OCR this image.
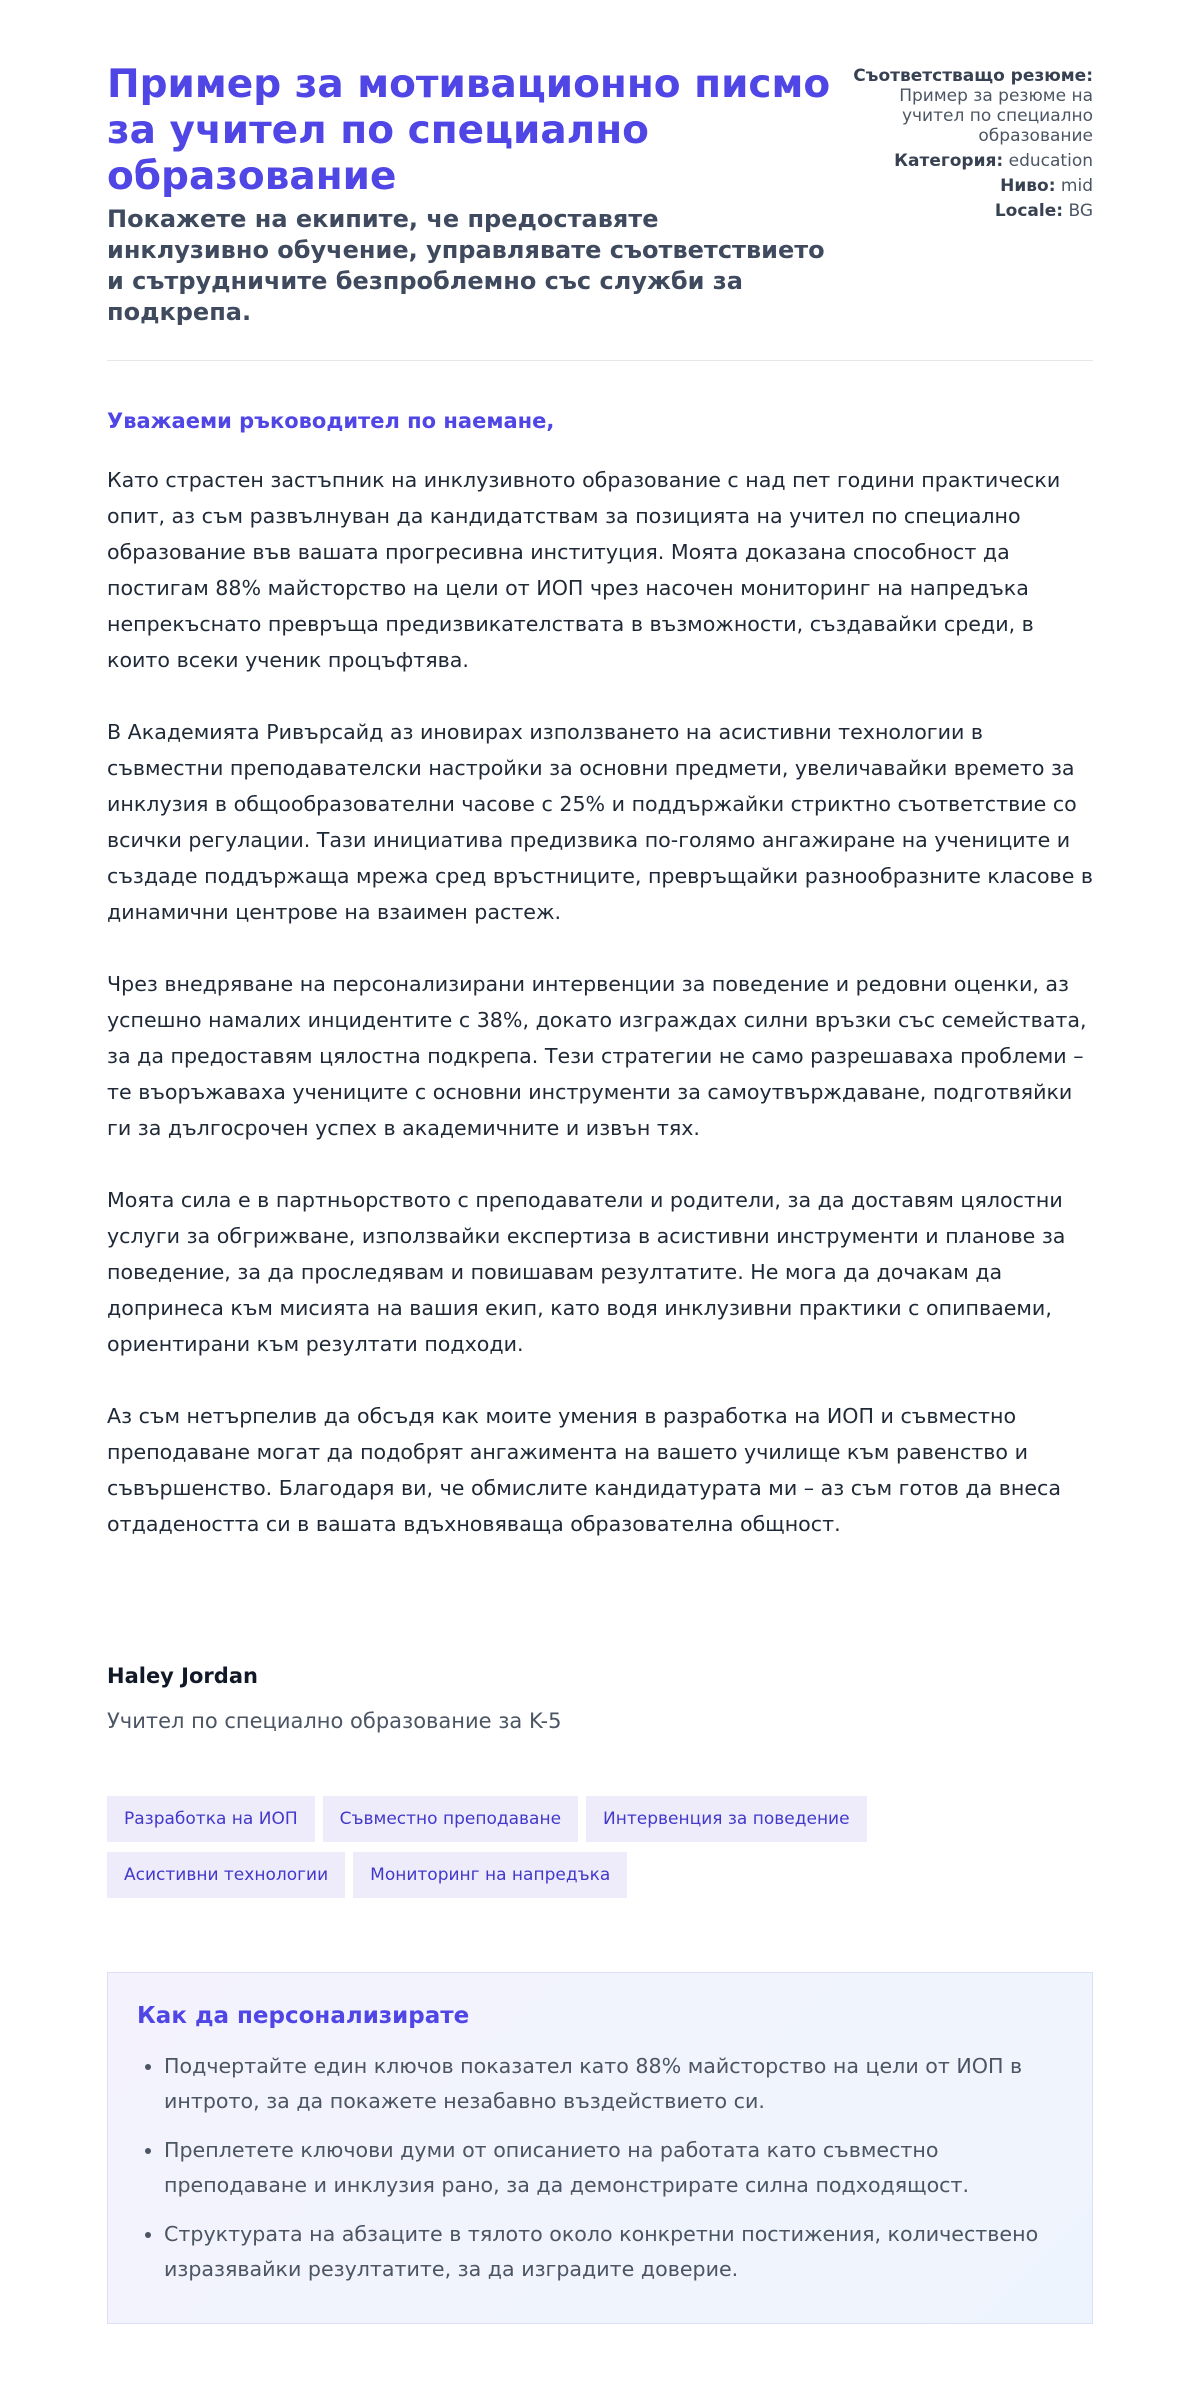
Пример за мотивационно писмо за учител по специално образование

Покажете на екипите, че предоставяте инклузивно обучение, управлявате съответствието и сътрудничите безпроблемно със служби за подкрепа.

Съответстващо резюме:
Пример за резюме на учител по специално образование
Категория: education
Ниво: mid
Locale: BG
Уважаеми ръководител по наемане,

Като страстен застъпник на инклузивното образование с над пет години практически опит, аз съм развълнуван да кандидатствам за позицията на учител по специално образование във вашата прогресивна институция. Моята доказана способност да постигам 88% майсторство на цели от ИОП чрез насочен мониторинг на напредъка непрекъснато превръща предизвикателствата в възможности, създавайки среди, в които всеки ученик процъфтява.

В Академията Ривърсайд аз иновирах използването на асистивни технологии в съвместни преподавателски настройки за основни предмети, увеличавайки времето за инклузия в общообразователни часове с 25% и поддържайки стриктно съответствие со всички регулации. Тази инициатива предизвика по-голямо ангажиране на учениците и създаде поддържаща мрежа сред връстниците, превръщайки разнообразните класове в динамични центрове на взаимен растеж.

Чрез внедряване на персонализирани интервенции за поведение и редовни оценки, аз успешно намалих инцидентите с 38%, докато изграждах силни връзки със семействата, за да предоставям цялостна подкрепа. Тези стратегии не само разрешаваха проблеми – те въоръжаваха учениците с основни инструменти за самоутвърждаване, подготвяйки ги за дългосрочен успех в академичните и извън тях.

Моята сила е в партньорството с преподаватели и родители, за да доставям цялостни услуги за обгрижване, използвайки експертиза в асистивни инструменти и планове за поведение, за да проследявам и повишавам резултатите. Не мога да дочакам да допринеса към мисията на вашия екип, като водя инклузивни практики с опипваеми, ориентирани към резултати подходи.

Аз съм нетърпелив да обсъдя как моите умения в разработка на ИОП и съвместно преподаване могат да подобрят ангажимента на вашето училище към равенство и съвършенство. Благодаря ви, че обмислите кандидатурата ми – аз съм готов да внеса отдадеността си в вашата вдъхновяваща образователна общност.

Haley Jordan

Учител по специално образование за K-5

Разработка на ИОП Съвместно преподаване Интервенция за поведение
Асистивни технологии Мониторинг на напредъка
Как да персонализирате
• Подчертайте един ключов показател като 88% майсторство на цели от ИОП в интрото, за да покажете незабавно въздействието си.
• Преплетете ключови думи от описанието на работата като съвместно преподаване и инклузия рано, за да демонстрирате силна подходящост.
• Структурата на абзаците в тялото около конкретни постижения, количествено изразявайки резултатите, за да изградите доверие.
